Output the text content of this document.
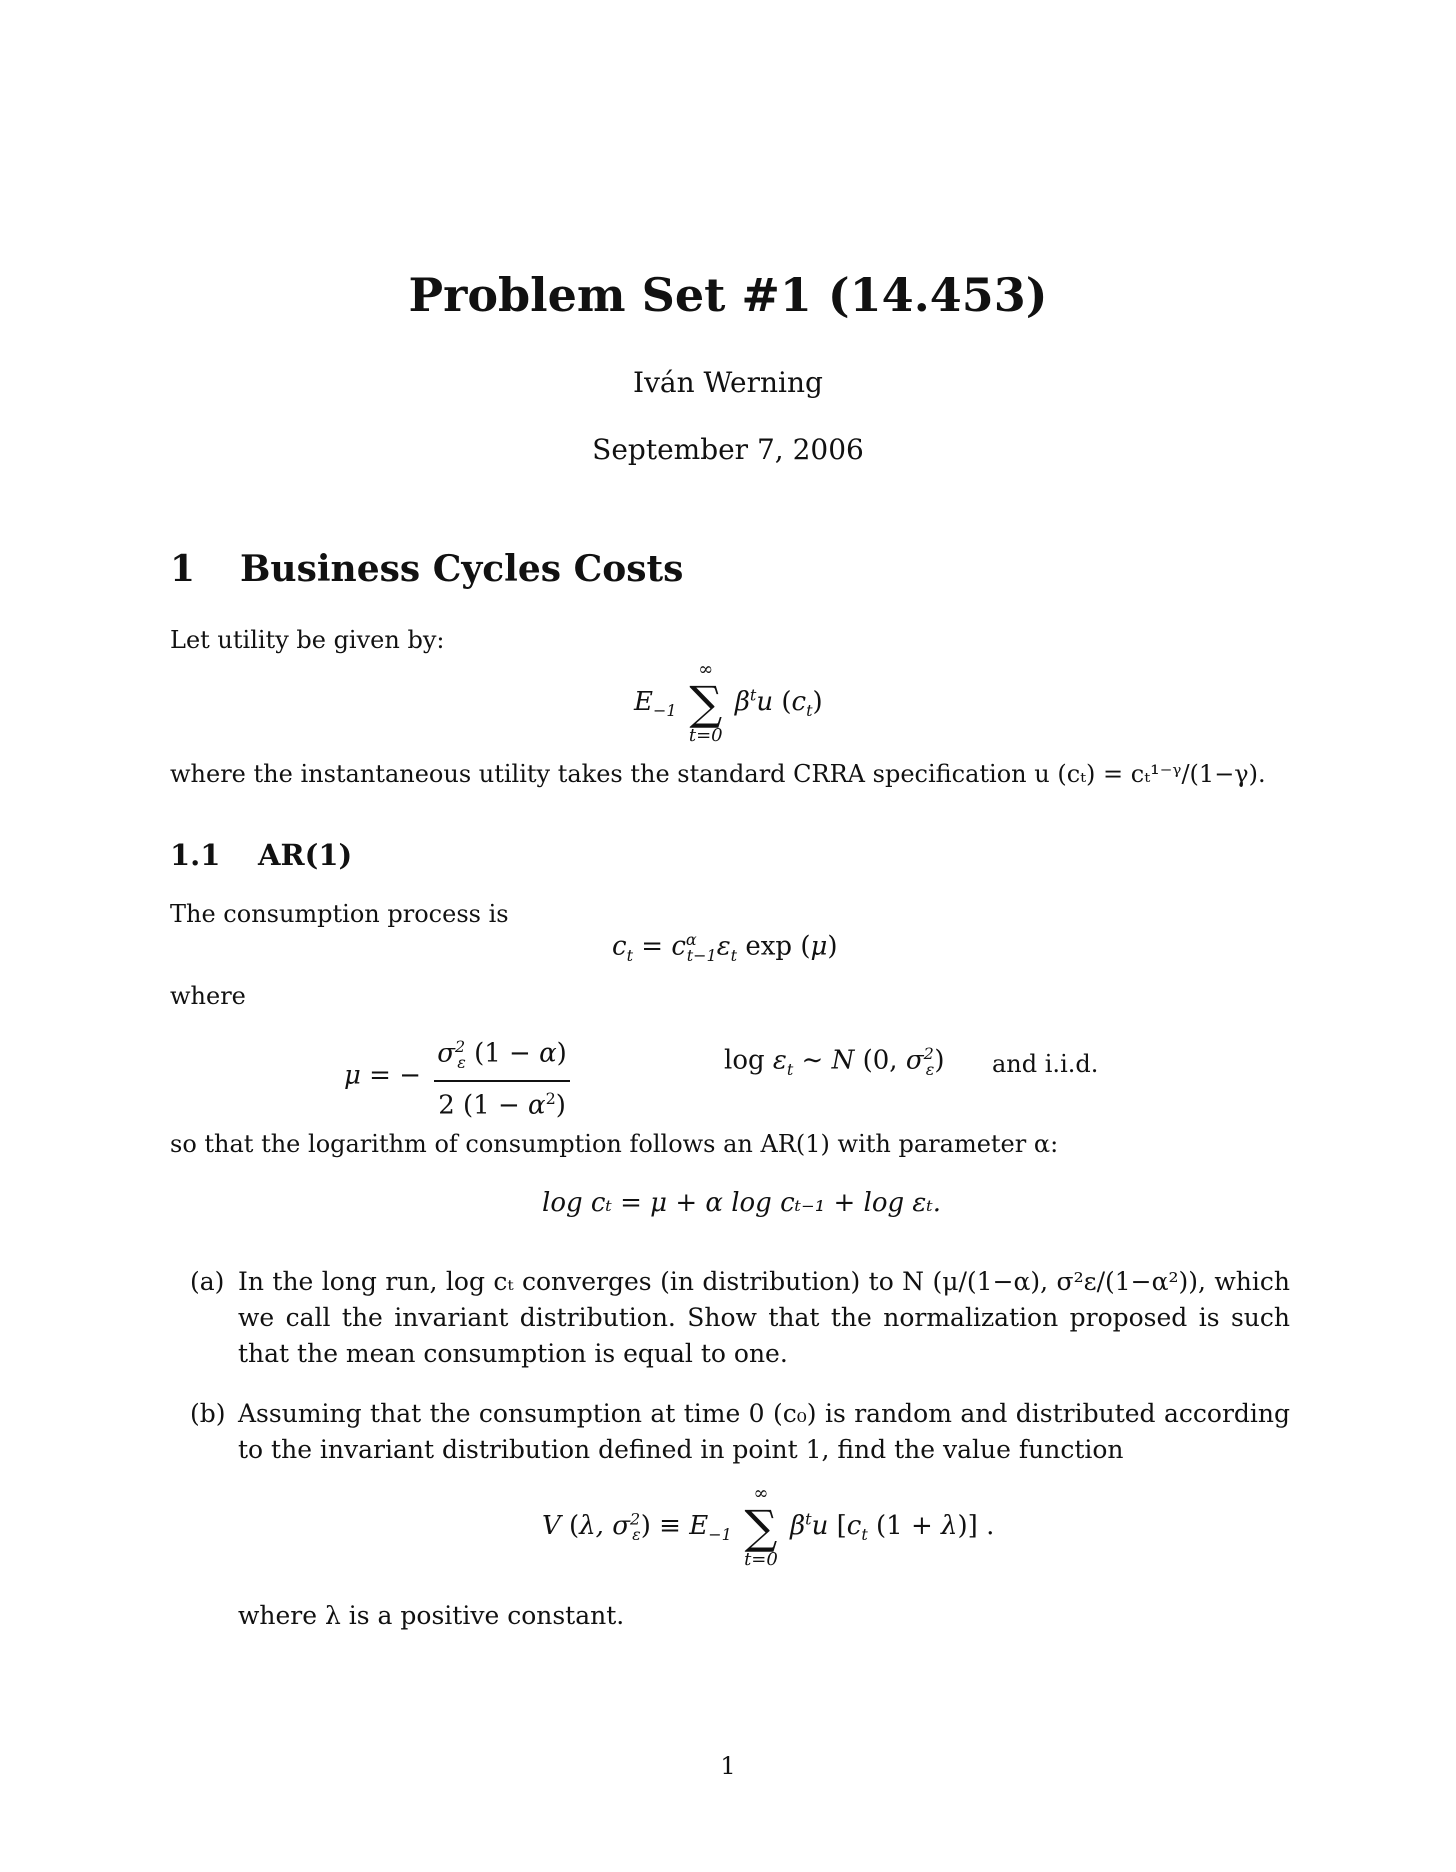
Problem Set #1 (14.453)
Iván Werning
September 7, 2006
1 Business Cycles Costs
Let utility be given by:
$E_{-1}$
∞
∑
t=0
$\beta^tu$ $(c_t)$
where the instantaneous utility takes the standard CRRA specification u (cₜ) = cₜ¹⁻ᵞ/(1−γ).
1.1 AR(1)
The consumption process is
$c_t = c^\alpha_{t-1}\varepsilon_t$ exp (μ)
where
μ = − $\frac{\sigma^2_\varepsilon (1 - \alpha)}{2 (1 - \alpha^2)}$	$\log \varepsilon_t$ ∼ N (0, $\sigma^2_\varepsilon$) and i.i.d.
so that the logarithm of consumption follows an AR(1) with parameter α:
log cₜ = μ + α log cₜ₋₁ + log εₜ.
(a) In the long run, log cₜ converges (in distribution) to N (μ/(1−α), σ²ε/(1−α²)), which we call the invariant distribution. Show that the normalization proposed is such that the mean consumption is equal to one.
(b) Assuming that the consumption at time 0 (c₀) is random and distributed according to the invariant distribution defined in point 1, find the value function
V (λ, $\sigma^2_\varepsilon) \equiv E_{-1}$
∞
∑
t=0
$\beta^tu$ [$c_t$ (1 + λ)] .
where λ is a positive constant.
1
